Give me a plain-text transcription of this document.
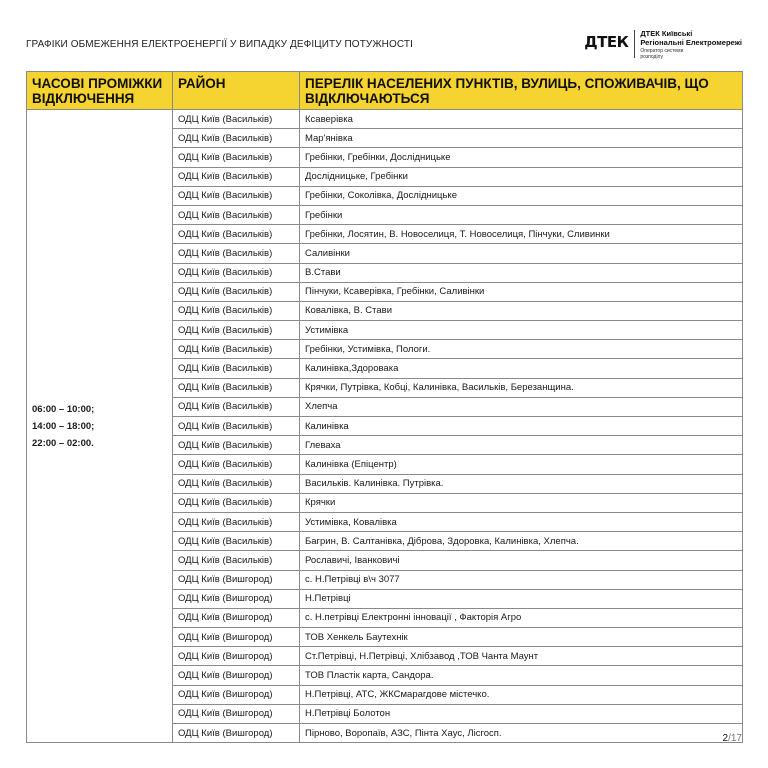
ГРАФІКИ ОБМЕЖЕННЯ ЕЛЕКТРОЕНЕРГІЇ У ВИПАДКУ ДЕФІЦИТУ ПОТУЖНОСТІ	ДТЕК ДТЕК Київські
Регіональні Електромережі
Оператор системи розподілу
ЧАСОВІ ПРОМІЖКИ ВІДКЛЮЧЕННЯ	РАЙОН	ПЕРЕЛІК НАСЕЛЕНИХ ПУНКТІВ, ВУЛИЦЬ, СПОЖИВАЧІВ, ЩО ВІДКЛЮЧАЮТЬСЯ

06:00 – 10:00;
14:00 – 18:00;
22:00 – 02:00.	ОДЦ Київ (Васильків)	Ксаверівка
	ОДЦ Київ (Васильків)	Мар'янівка
	ОДЦ Київ (Васильків)	Гребінки, Гребінки, Дослідницьке
	ОДЦ Київ (Васильків)	Дослідницьке, Гребінки
	ОДЦ Київ (Васильків)	Гребінки, Соколівка, Дослідницьке
	ОДЦ Київ (Васильків)	Гребінки
	ОДЦ Київ (Васильків)	Гребінки, Лосятин, В. Новоселиця, Т. Новоселиця, Пінчуки, Сливинки
	ОДЦ Київ (Васильків)	Саливінки
	ОДЦ Київ (Васильків)	В.Стави
	ОДЦ Київ (Васильків)	Пінчуки, Ксаверівка, Гребінки, Саливінки
	ОДЦ Київ (Васильків)	Ковалівка, В. Стави
	ОДЦ Київ (Васильків)	Устимівка
	ОДЦ Київ (Васильків)	Гребінки, Устимівка, Пологи.
	ОДЦ Київ (Васильків)	Калинівка,Здоровака
	ОДЦ Київ (Васильків)	Крячки, Путрівка, Кобці, Калинівка, Васильків, Березанщина.
	ОДЦ Київ (Васильків)	Хлепча
	ОДЦ Київ (Васильків)	Калинівка
	ОДЦ Київ (Васильків)	Глеваха
	ОДЦ Київ (Васильків)	Калинівка (Епіцентр)
	ОДЦ Київ (Васильків)	Васильків. Калинівка. Путрівка.
	ОДЦ Київ (Васильків)	Крячки
	ОДЦ Київ (Васильків)	Устимівка, Ковалівка
	ОДЦ Київ (Васильків)	Багрин, В. Салтанівка, Діброва, Здоровка, Калинівка, Хлепча.
	ОДЦ Київ (Васильків)	Рославичі, Іванковичі
	ОДЦ Київ (Вишгород)	с. Н.Петрівці в\ч 3077
	ОДЦ Київ (Вишгород)	Н.Петрівці
	ОДЦ Київ (Вишгород)	с. Н.петрівці Електронні інновації , Факторія Агро
	ОДЦ Київ (Вишгород)	ТОВ Хенкель Баутехнік
	ОДЦ Київ (Вишгород)	Ст.Петрівці, Н.Петрівці, Хлібзавод ,ТОВ Чанта Маунт
	ОДЦ Київ (Вишгород)	ТОВ Пластік карта, Сандора.
	ОДЦ Київ (Вишгород)	Н.Петрівці, АТС, ЖКСмарагдове містечко.
	ОДЦ Київ (Вишгород)	Н.Петрівці Болотон
	ОДЦ Київ (Вишгород)	Пірново, Воропаїв, АЗС, Пінта Хаус, Лісгосп.	2/17
